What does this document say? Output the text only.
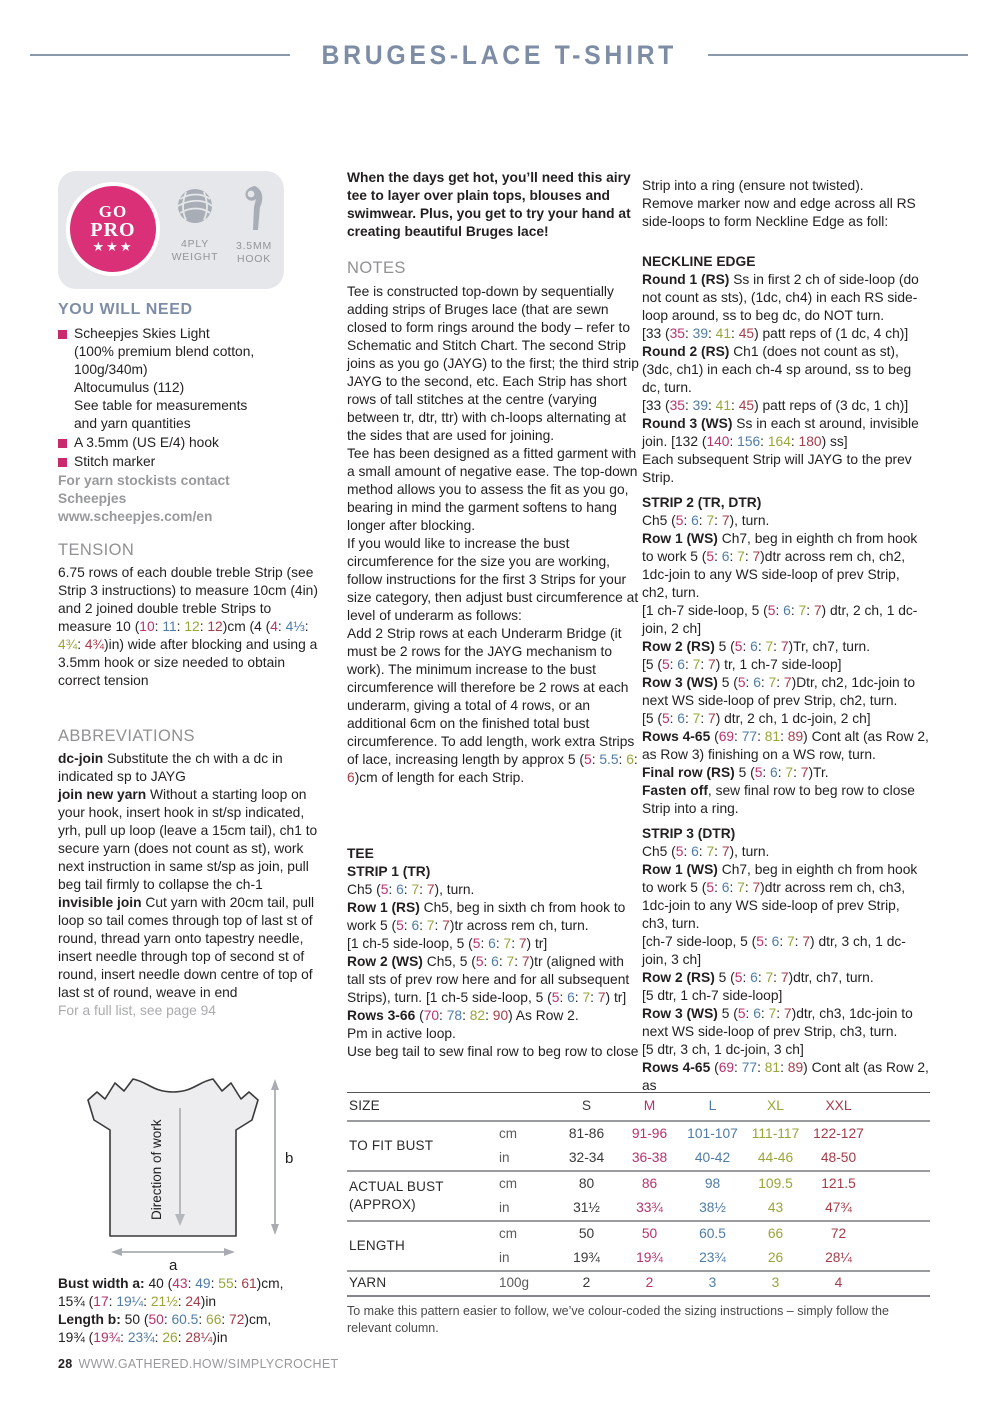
BRUGES-LACE T-SHIRT
GO
PRO
★★★	4PLY
WEIGHT
3.5MM
HOOK
YOU WILL NEED
Scheepjes Skies Light
(100% premium blend cotton,
100g/340m)
Altocumulus (112)
See table for measurements
and yarn quantities
A 3.5mm (US E/4) hook
Stitch marker
For yarn stockists contact
Scheepjes
www.scheepjes.com/en
TENSION

6.75 rows of each double treble Strip (see Strip 3 instructions) to measure 10cm (4in) and 2 joined double treble Strips to measure 10 (10: 11: 12: 12)cm (4 (4: 4⅓: 4¾: 4¾)in) wide after blocking and using a 3.5mm hook or size needed to obtain correct tension

ABBREVIATIONS

dc-join Substitute the ch with a dc in indicated sp to JAYG

join new yarn Without a starting loop on your hook, insert hook in st/sp indicated, yrh, pull up loop (leave a 15cm tail), ch1 to secure yarn (does not count as st), work next instruction in same st/sp as join, pull beg tail firmly to collapse the ch-1

invisible join Cut yarn with 20cm tail, pull loop so tail comes through top of last st of round, thread yarn onto tapestry needle, insert needle through top of second st of round, insert needle down centre of top of last st of round, weave in end

For a full list, see page 94

Direction of work	b
a

Bust width a: 40 (43: 49: 55: 61)cm,

15¾ (17: 19¼: 21½: 24)in

Length b: 50 (50: 60.5: 66: 72)cm,

19¾ (19¾: 23¾: 26: 28¼)in

When the days get hot, you’ll need this airy tee to layer over plain tops, blouses and swimwear. Plus, you get to try your hand at creating beautiful Bruges lace!
NOTES

Tee is constructed top-down by sequentially adding strips of Bruges lace (that are sewn closed to form rings around the body – refer to Schematic and Stitch Chart. The second Strip joins as you go (JAYG) to the first; the third strip JAYG to the second, etc. Each Strip has short rows of tall stitches at the centre (varying between tr, dtr, ttr) with ch-loops alternating at the sides that are used for joining.

Tee has been designed as a fitted garment with a small amount of negative ease. The top-down method allows you to assess the fit as you go, bearing in mind the garment softens to hang longer after blocking.

If you would like to increase the bust circumference for the size you are working, follow instructions for the first 3 Strips for your size category, then adjust bust circumference at level of underarm as follows:

Add 2 Strip rows at each Underarm Bridge (it must be 2 rows for the JAYG mechanism to work). The minimum increase to the bust circumference will therefore be 2 rows at each underarm, giving a total of 4 rows, or an additional 6cm on the finished total bust circumference. To add length, work extra Strips of lace, increasing length by approx 5 (5: 5.5: 6: 6)cm of length for each Strip.

TEE

STRIP 1 (TR)

Ch5 (5: 6: 7: 7), turn.

Row 1 (RS) Ch5, beg in sixth ch from hook to work 5 (5: 6: 7: 7)tr across rem ch, turn.

[1 ch-5 side-loop, 5 (5: 6: 7: 7) tr]

Row 2 (WS) Ch5, 5 (5: 6: 7: 7)tr (aligned with tall sts of prev row here and for all subsequent Strips), turn. [1 ch-5 side-loop, 5 (5: 6: 7: 7) tr]

Rows 3-66 (70: 78: 82: 90) As Row 2.

Pm in active loop.

Use beg tail to sew final row to beg row to close

Strip into a ring (ensure not twisted).

Remove marker now and edge across all RS side-loops to form Neckline Edge as foll:

NECKLINE EDGE

Round 1 (RS) Ss in first 2 ch of side-loop (do not count as sts), (1dc, ch4) in each RS side-loop around, ss to beg dc, do NOT turn.

[33 (35: 39: 41: 45) patt reps of (1 dc, 4 ch)]

Round 2 (RS) Ch1 (does not count as st), (3dc, ch1) in each ch-4 sp around, ss to beg dc, turn.

[33 (35: 39: 41: 45) patt reps of (3 dc, 1 ch)]

Round 3 (WS) Ss in each st around, invisible join. [132 (140: 156: 164: 180) ss]

Each subsequent Strip will JAYG to the prev Strip.

STRIP 2 (TR, DTR)

Ch5 (5: 6: 7: 7), turn.

Row 1 (WS) Ch7, beg in eighth ch from hook to work 5 (5: 6: 7: 7)dtr across rem ch, ch2, 1dc-join to any WS side-loop of prev Strip, ch2, turn.

[1 ch-7 side-loop, 5 (5: 6: 7: 7) dtr, 2 ch, 1 dc-join, 2 ch]

Row 2 (RS) 5 (5: 6: 7: 7)Tr, ch7, turn.

[5 (5: 6: 7: 7) tr, 1 ch-7 side-loop]

Row 3 (WS) 5 (5: 6: 7: 7)Dtr, ch2, 1dc-join to next WS side-loop of prev Strip, ch2, turn.

[5 (5: 6: 7: 7) dtr, 2 ch, 1 dc-join, 2 ch]

Rows 4-65 (69: 77: 81: 89) Cont alt (as Row 2, as Row 3) finishing on a WS row, turn.

Final row (RS) 5 (5: 6: 7: 7)Tr.

Fasten off, sew final row to beg row to close Strip into a ring.

STRIP 3 (DTR)

Ch5 (5: 6: 7: 7), turn.

Row 1 (WS) Ch7, beg in eighth ch from hook to work 5 (5: 6: 7: 7)dtr across rem ch, ch3, 1dc-join to any WS side-loop of prev Strip, ch3, turn.

[ch-7 side-loop, 5 (5: 6: 7: 7) dtr, 3 ch, 1 dc-join, 3 ch]

Row 2 (RS) 5 (5: 6: 7: 7)dtr, ch7, turn.

[5 dtr, 1 ch-7 side-loop]

Row 3 (WS) 5 (5: 6: 7: 7)dtr, ch3, 1dc-join to next WS side-loop of prev Strip, ch3, turn.

[5 dtr, 3 ch, 1 dc-join, 3 ch]

Rows 4-65 (69: 77: 81: 89) Cont alt (as Row 2, as

SIZE		S	M	L	XL	XXL	
TO FIT BUST	cm	81-86	91-96	101-107	111-117	122-127	
	in	32-34	36-38	40-42	44-46	48-50	
ACTUAL BUST
(APPROX)	cm	80	86	98	109.5	121.5	
	in	31½	33¾	38½	43	47¾	
LENGTH	cm	50	50	60.5	66	72	
	in	19¾	19¾	23¾	26	28¼	
YARN	100g	2	2	3	3	4	
To make this pattern easier to follow, we’ve colour-coded the sizing instructions – simply follow the relevant column.
28 WWW.GATHERED.HOW/SIMPLYCROCHET
